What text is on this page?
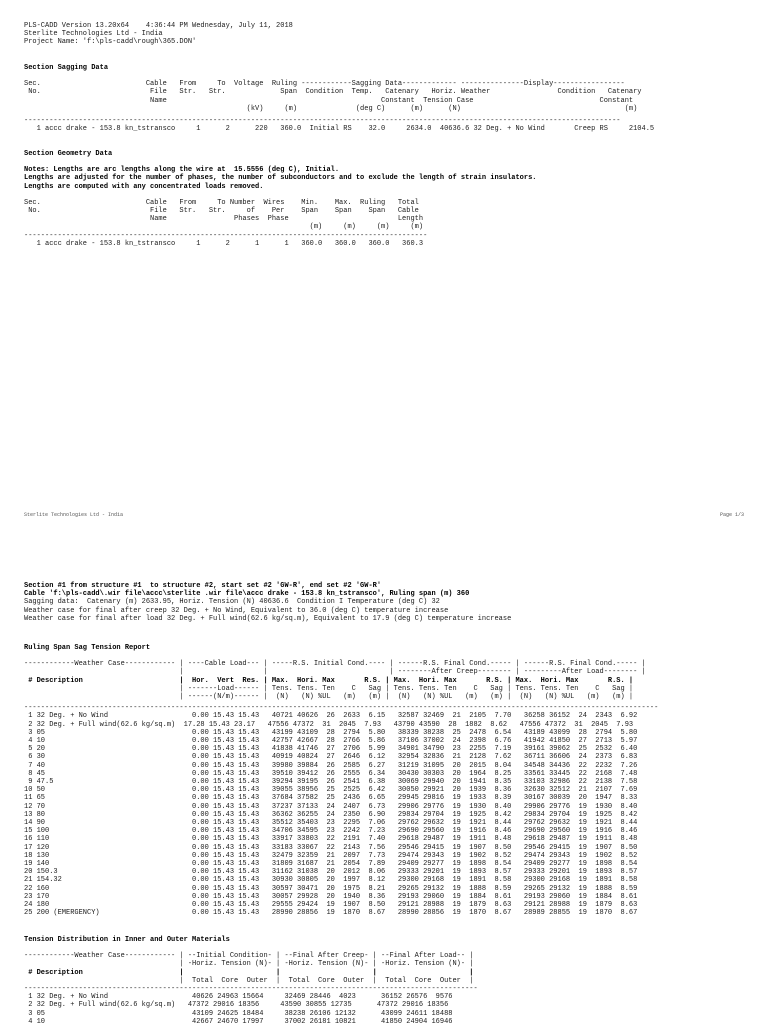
PLS-CADD Version 13.20x64    4:36:44 PM Wednesday, July 11, 2018
Sterlite Technologies Ltd - India
Project Name: 'f:\pls-cadd\rough\365.DON'
Section Sagging Data
Sec.                         Cable   From     To  Voltage  Ruling ------------Sagging Data------------- ---------------Display-----------------
No.                          File   Str.   Str.             Span  Condition  Temp.   Catenary   Horiz. Weather                Condition   Catenary
Name                                                   Constant  Tension Case                              Constant
(kV)     (m)              (deg C)      (m)      (N)                                       (m)
----------------------------------------------------------------------------------------------------------------------------------------------
1 accc drake - 153.8 kn_tstransco     1      2      220   360.0  Initial RS    32.0     2634.0  40636.6 32 Deg. + No Wind       Creep RS     2104.5
Section Geometry Data
Notes: Lengths are arc lengths along the wire at  15.5556 (deg C), Initial.
Lengths are adjusted for the number of phases, the number of subconductors and to exclude the length of strain insulators.
Lengths are computed with any concentrated loads removed.
Sec.                         Cable   From     To Number  Wires    Min.    Max.  Ruling   Total
No.                          File   Str.   Str.     of    Per    Span    Span    Span   Cable
Name                Phases  Phase                          Length
(m)     (m)     (m)     (m)
------------------------------------------------------------------------------------------------
1 accc drake - 153.8 kn_tstransco     1      2      1      1   360.0   360.0   360.0   360.3
Sterlite Technologies Ltd - India	Page 1/3
Section #1 from structure #1  to structure #2, start set #2 'GW-R', end set #2 'GW-R'
Cable 'f:\pls-cadd\.wir file\accc\sterlite .wir file\accc drake - 153.8 kn_tstransco', Ruling span (m) 360
Sagging data:  Catenary (m) 2633.95, Horiz. Tension (N) 40636.6  Condition I Temperature (deg C) 32
Weather case for final after creep 32 Deg. + No Wind, Equivalent to 36.0 (deg C) temperature increase
Weather case for final after load 32 Deg. + Full wind(62.6 kg/sq.m), Equivalent to 17.9 (deg C) temperature increase
Ruling Span Sag Tension Report
------------Weather Case------------ | ----Cable Load--- | -----R.S. Initial Cond.---- | ------R.S. Final Cond.----- | ------R.S. Final Cond.----- |
|                   |                             | --------After Creep-------- | ---------After Load-------- |
# Description                       |  Hor.  Vert  Res. | Max.  Hori. Max       R.S. | Max.  Hori. Max       R.S. | Max.  Hori. Max       R.S. |
| -------Load------ | Tens. Tens. Ten    C   Sag | Tens. Tens. Ten    C   Sag | Tens. Tens. Ten    C   Sag |
| ------(N/m)------ |  (N)   (N) %UL   (m)   (m) |  (N)   (N) %UL   (m)   (m) |  (N)   (N) %UL   (m)   (m) |
-------------------------------------------------------------------------------------------------------------------------------------------------------
1 32 Deg. + No Wind                    0.00 15.43 15.43   40721 40626  26  2633  6.15   32587 32469  21  2105  7.70   36258 36152  24  2343  6.92
2 32 Deg. + Full wind(62.6 kg/sq.m)  17.28 15.43 23.17   47556 47372  31  2045  7.93   43790 43590  28  1882  8.62   47556 47372  31  2045  7.93
3 05                                   0.00 15.43 15.43   43199 43109  28  2794  5.80   38339 38238  25  2478  6.54   43189 43099  28  2794  5.80
4 10                                   0.00 15.43 15.43   42757 42667  28  2766  5.86   37106 37002  24  2398  6.76   41942 41850  27  2713  5.97
5 20                                   0.00 15.43 15.43   41838 41746  27  2706  5.99   34901 34790  23  2255  7.19   39161 39062  25  2532  6.40
6 30                                   0.00 15.43 15.43   40919 40824  27  2646  6.12   32954 32836  21  2128  7.62   36711 36606  24  2373  6.83
7 40                                   0.00 15.43 15.43   39980 39884  26  2585  6.27   31219 31095  20  2015  8.04   34548 34436  22  2232  7.26
8 45                                   0.00 15.43 15.43   39510 39412  26  2555  6.34   30430 30303  20  1964  8.25   33561 33445  22  2168  7.48
9 47.5                                 0.00 15.43 15.43   39294 39195  26  2541  6.38   30069 29940  20  1941  8.35   33103 32986  22  2138  7.58
10 50                                   0.00 15.43 15.43   39055 38956  25  2525  6.42   30050 29921  20  1939  8.36   32630 32512  21  2107  7.69
11 65                                   0.00 15.43 15.43   37684 37582  25  2436  6.65   29945 29816  19  1933  8.39   30167 30039  20  1947  8.33
12 70                                   0.00 15.43 15.43   37237 37133  24  2407  6.73   29906 29776  19  1930  8.40   29906 29776  19  1930  8.40
13 80                                   0.00 15.43 15.43   36362 36255  24  2350  6.90   29834 29704  19  1925  8.42   29834 29704  19  1925  8.42
14 90                                   0.00 15.43 15.43   35512 35403  23  2295  7.06   29762 29632  19  1921  8.44   29762 29632  19  1921  8.44
15 100                                  0.00 15.43 15.43   34706 34595  23  2242  7.23   29690 29560  19  1916  8.46   29690 29560  19  1916  8.46
16 110                                  0.00 15.43 15.43   33917 33803  22  2191  7.40   29618 29487  19  1911  8.48   29618 29487  19  1911  8.48
17 120                                  0.00 15.43 15.43   33183 33067  22  2143  7.56   29546 29415  19  1907  8.50   29546 29415  19  1907  8.50
18 130                                  0.00 15.43 15.43   32479 32359  21  2097  7.73   29474 29343  19  1902  8.52   29474 29343  19  1902  8.52
19 140                                  0.00 15.43 15.43   31809 31687  21  2054  7.89   29409 29277  19  1898  8.54   29409 29277  19  1898  8.54
20 150.3                                0.00 15.43 15.43   31162 31038  20  2012  8.06   29333 29201  19  1893  8.57   29333 29201  19  1893  8.57
21 154.32                               0.00 15.43 15.43   30930 30805  20  1997  8.12   29300 29168  19  1891  8.58   29300 29168  19  1891  8.58
22 160                                  0.00 15.43 15.43   30597 30471  20  1975  8.21   29265 29132  19  1888  8.59   29265 29132  19  1888  8.59
23 170                                  0.00 15.43 15.43   30057 29928  20  1940  8.36   29193 29060  19  1884  8.61   29193 29060  19  1884  8.61
24 180                                  0.00 15.43 15.43   29555 29424  19  1907  8.50   29121 28988  19  1879  8.63   29121 28988  19  1879  8.63
25 200 (EMERGENCY)                      0.00 15.43 15.43   28990 28856  19  1870  8.67   28990 28856  19  1870  8.67   28989 28855  19  1870  8.67
Tension Distribution in Inner and Outer Materials
------------Weather Case------------ | --Initial Condition- | --Final After Creep- | --Final After Load-- |
| -Horiz. Tension (N)- | -Horiz. Tension (N)- | -Horiz. Tension (N)- |
# Description                       |                      |                      |                      |
|  Total  Core  Outer  |  Total  Core  Outer  |  Total  Core  Outer  |
------------------------------------------------------------------------------------------------------------
1 32 Deg. + No Wind                    40626 24963 15664     32469 28446  4023      36152 26576  9576
2 32 Deg. + Full wind(62.6 kg/sq.m)   47372 29016 18356     43590 30855 12735      47372 29016 18356
3 05                                   43109 24625 18484     38238 26106 12132      43099 24611 18488
4 10                                   42667 24670 17997     37002 26181 10821      41850 24904 16946
